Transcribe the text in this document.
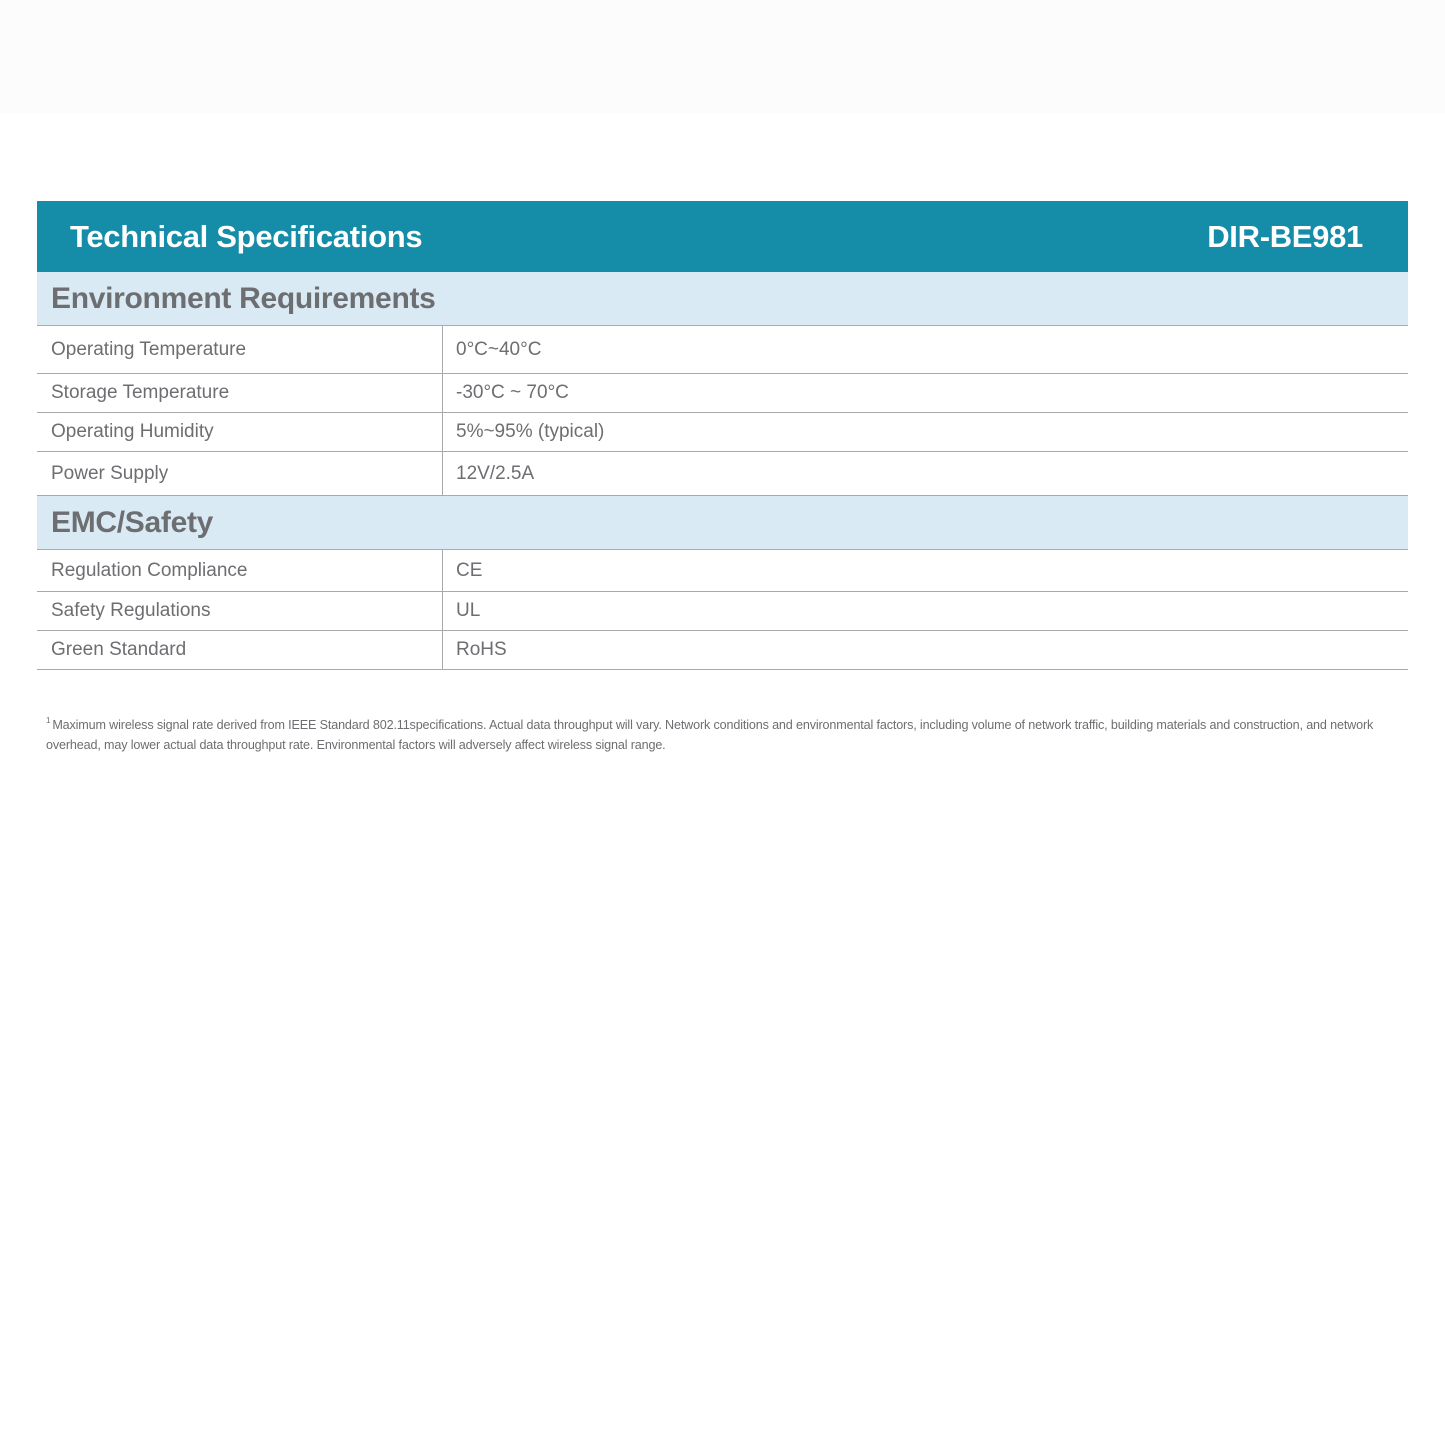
Technical Specifications	DIR-BE981
Environment Requirements
Operating Temperature	0°C~40°C
Storage Temperature	-30°C ~ 70°C
Operating Humidity	5%~95% (typical)
Power Supply	12V/2.5A
EMC/Safety
Regulation Compliance	CE
Safety Regulations	UL
Green Standard	RoHS
$^1$ Maximum wireless signal rate derived from IEEE Standard 802.11specifications. Actual data throughput will vary. Network conditions and environmental factors, including volume of network traffic, building materials and construction, and network overhead, may lower actual data throughput rate. Environmental factors will adversely affect wireless signal range.
